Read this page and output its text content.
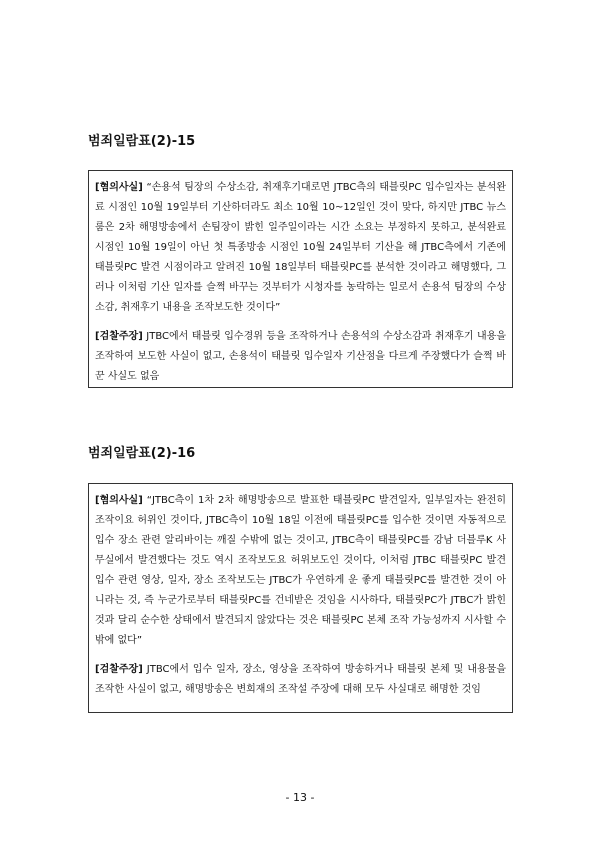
범죄일람표(2)-15

[혐의사실] “손용석 팀장의 수상소감, 취재후기대로면 JTBC측의 태블릿PC 입수일자는 분석완료 시점인 10월 19일부터 기산하더라도 최소 10월 10~12일인 것이 맞다, 하지만 JTBC 뉴스룸은 2차 해명방송에서 손팀장이 밝힌 일주일이라는 시간 소요는 부정하지 못하고, 분석완료 시점인 10월 19일이 아닌 첫 특종방송 시점인 10월 24일부터 기산을 해 JTBC측에서 기존에 태블릿PC 발견 시점이라고 알려진 10월 18일부터 태블릿PC를 분석한 것이라고 해명했다, 그러나 이처럼 기산 일자를 슬쩍 바꾸는 것부터가 시청자를 농락하는 일로서 손용석 팀장의 수상소감, 취재후기 내용을 조작보도한 것이다”

[검찰주장] JTBC에서 태블릿 입수경위 등을 조작하거나 손용석의 수상소감과 취재후기 내용을 조작하여 보도한 사실이 없고, 손용석이 태블릿 입수일자 기산점을 다르게 주장했다가 슬쩍 바꾼 사실도 없음

범죄일람표(2)-16

[혐의사실] “JTBC측이 1차 2차 해명방송으로 발표한 태블릿PC 발견일자, 일부일자는 완전히 조작이요 허위인 것이다, JTBC측이 10월 18일 이전에 태블릿PC를 입수한 것이면 자동적으로 입수 장소 관련 알리바이는 깨질 수밖에 없는 것이고, JTBC측이 태블릿PC를 강남 더블루K 사무실에서 발견했다는 것도 역시 조작보도요 허위보도인 것이다, 이처럼 JTBC 태블릿PC 발견 입수 관련 영상, 일자, 장소 조작보도는 JTBC가 우연하게 운 좋게 태블릿PC를 발견한 것이 아니라는 것, 즉 누군가로부터 태블릿PC를 건네받은 것임을 시사하다, 태블릿PC가 JTBC가 밝힌 것과 달리 순수한 상태에서 발견되지 않았다는 것은 태블릿PC 본체 조작 가능성까지 시사할 수밖에 없다”

[검찰주장] JTBC에서 입수 일자, 장소, 영상을 조작하여 방송하거나 태블릿 본체 및 내용물을 조작한 사실이 없고, 해명방송은 변희재의 조작설 주장에 대해 모두 사실대로 해명한 것임

- 13 -
